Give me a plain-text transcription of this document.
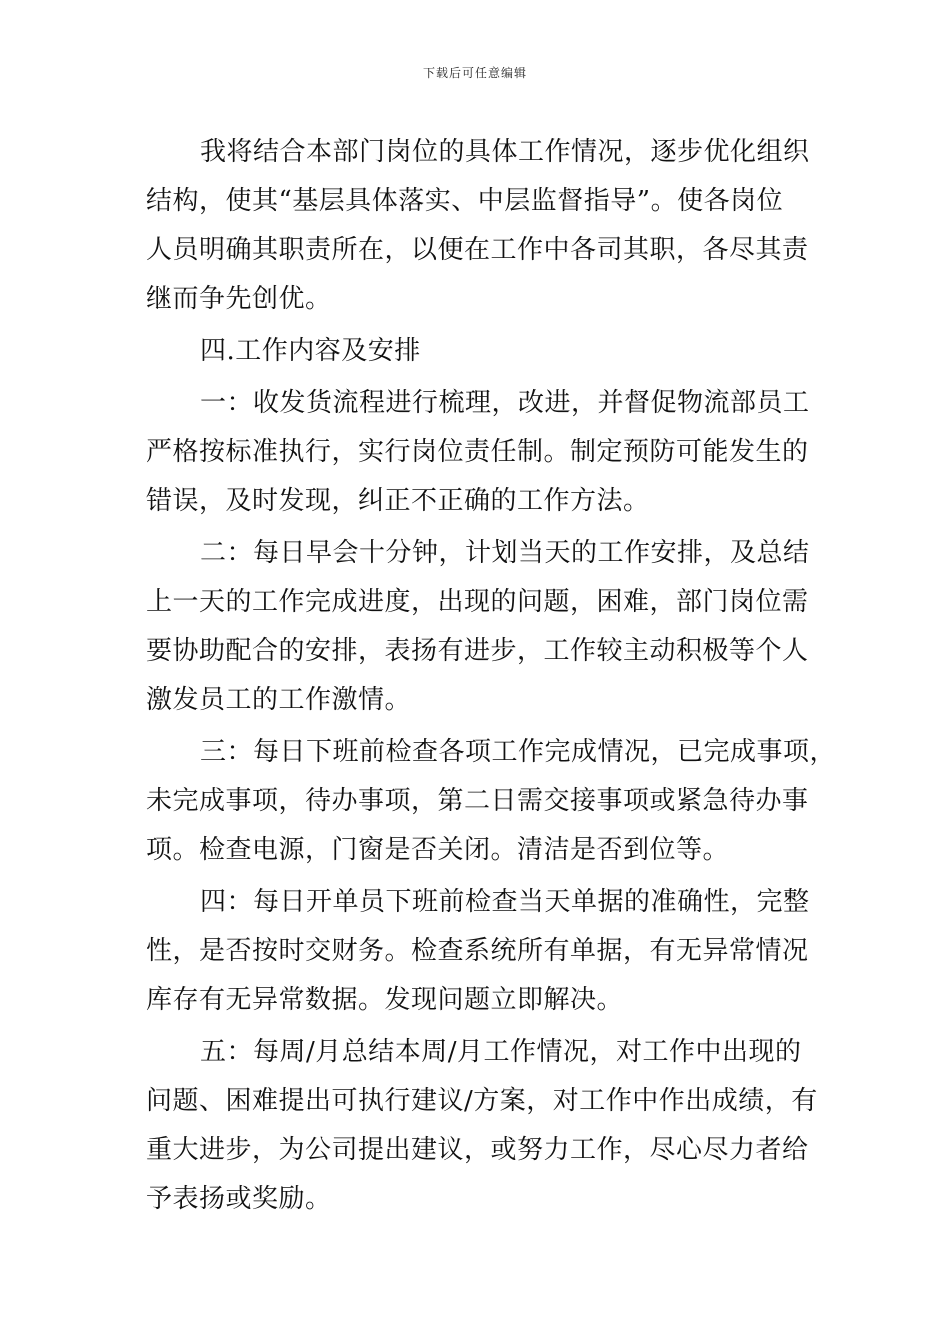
下载后可任意编辑
我将结合本部门岗位的具体工作情况，逐步优化组织
结构，使其“基层具体落实、中层监督指导”。使各岗位
人员明确其职责所在，以便在工作中各司其职，各尽其责
继而争先创优。
四.工作内容及安排
一：收发货流程进行梳理，改进，并督促物流部员工
严格按标准执行，实行岗位责任制。制定预防可能发生的
错误，及时发现，纠正不正确的工作方法。
二：每日早会十分钟，计划当天的工作安排，及总结
上一天的工作完成进度，出现的问题，困难，部门岗位需
要协助配合的安排，表扬有进步，工作较主动积极等个人
激发员工的工作激情。
三：每日下班前检查各项工作完成情况，已完成事项，
未完成事项，待办事项，第二日需交接事项或紧急待办事
项。检查电源，门窗是否关闭。清洁是否到位等。
四：每日开单员下班前检查当天单据的准确性，完整
性，是否按时交财务。检查系统所有单据，有无异常情况
库存有无异常数据。发现问题立即解决。
五：每周/月总结本周/月工作情况，对工作中出现的
问题、困难提出可执行建议/方案，对工作中作出成绩，有
重大进步，为公司提出建议，或努力工作，尽心尽力者给
予表扬或奖励。
